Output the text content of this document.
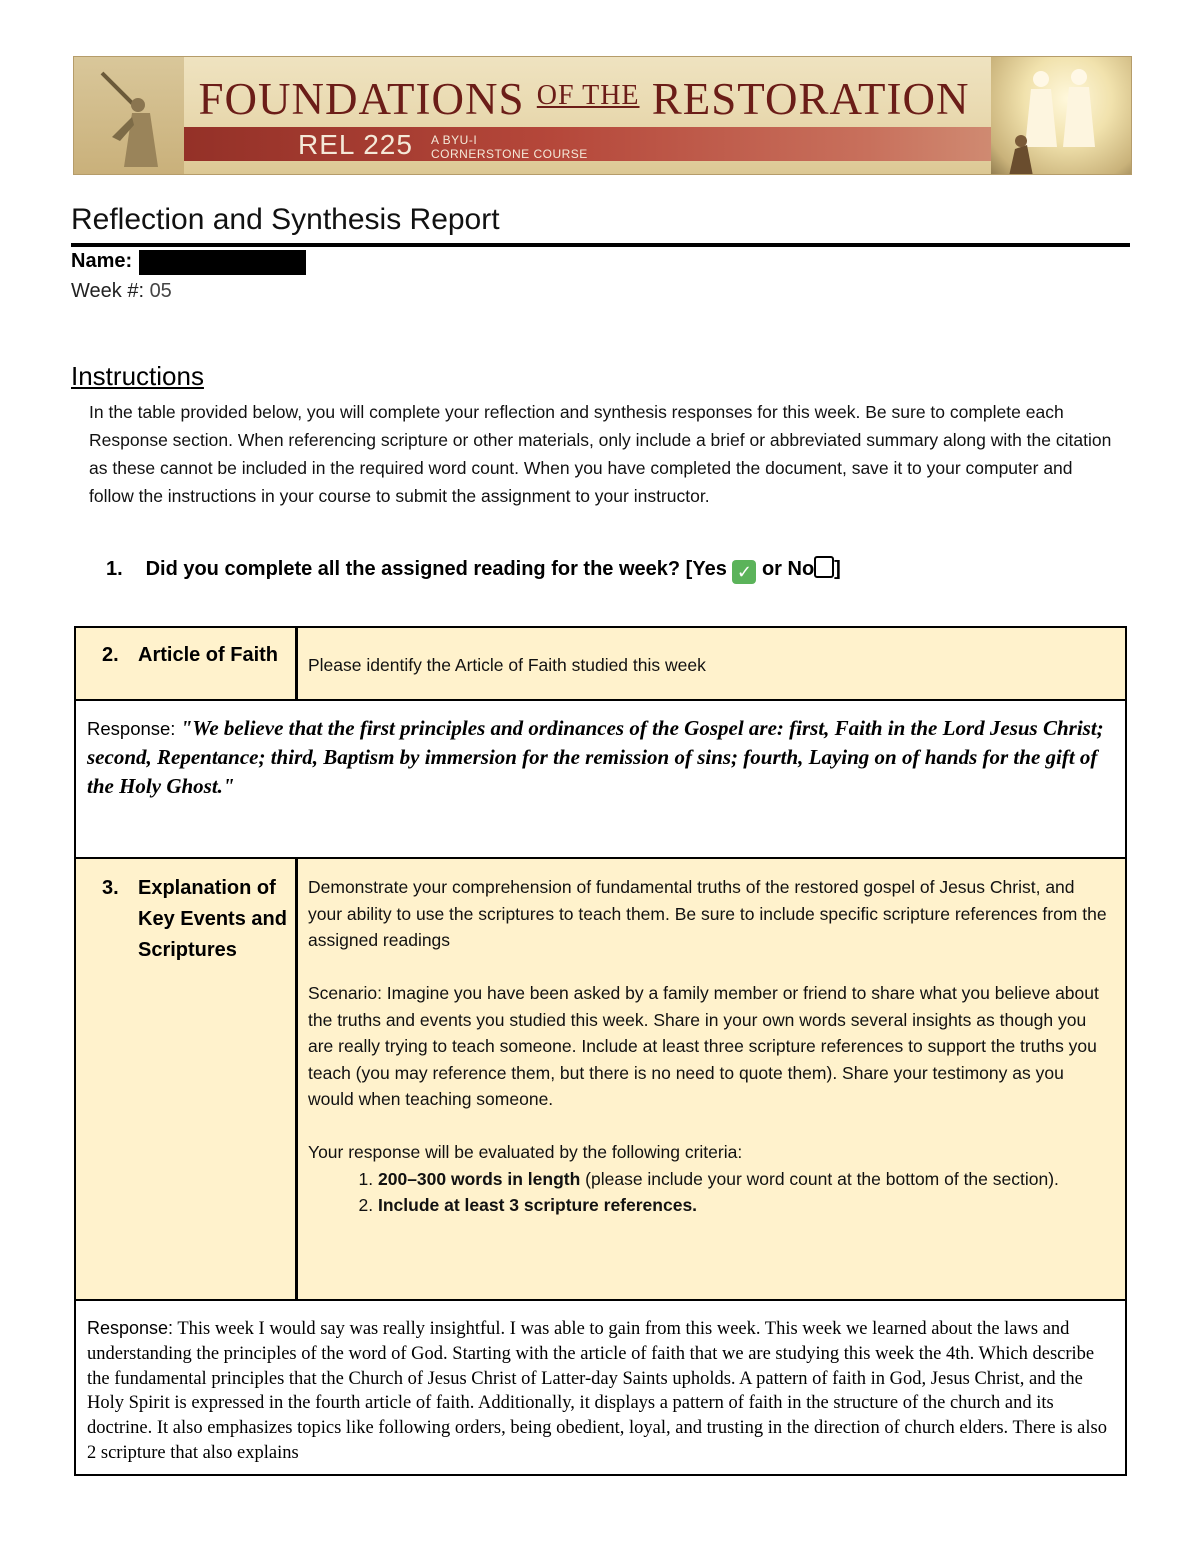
FOUNDATIONS $^{OF THE}$ RESTORATION
REL 225 A BYU-I
CORNERSTONE COURSE
Reflection and Synthesis Report
Name:
Week #: 05
Instructions
In the table provided below, you will complete your reflection and synthesis responses for this week. Be sure to complete each Response section. When referencing scripture or other materials, only include a brief or abbreviated summary along with the citation as these cannot be included in the required word count. When you have completed the document, save it to your computer and follow the instructions in your course to submit the assignment to your instructor.
1. Did you complete all the assigned reading for the week? [Yes ✓ or No ]
2. Article of Faith	Please identify the Article of Faith studied this week
Response: "We believe that the first principles and ordinances of the Gospel are: first, Faith in the Lord Jesus Christ; second, Repentance; third, Baptism by immersion for the remission of sins; fourth, Laying on of hands for the gift of the Holy Ghost."
3. Explanation of Key Events and Scriptures
Demonstrate your comprehension of fundamental truths of the restored gospel of Jesus Christ, and your ability to use the scriptures to teach them. Be sure to include specific scripture references from the assigned readings
Scenario: Imagine you have been asked by a family member or friend to share what you believe about the truths and events you studied this week. Share in your own words several insights as though you are really trying to teach someone. Include at least three scripture references to support the truths you teach (you may reference them, but there is no need to quote them). Share your testimony as you would when teaching someone.
Your response will be evaluated by the following criteria:
1. 200–300 words in length (please include your word count at the bottom of the section).
2. Include at least 3 scripture references.
Response: This week I would say was really insightful. I was able to gain from this week. This week we learned about the laws and understanding the principles of the word of God. Starting with the article of faith that we are studying this week the 4th. Which describe the fundamental principles that the Church of Jesus Christ of Latter-day Saints upholds. A pattern of faith in God, Jesus Christ, and the Holy Spirit is expressed in the fourth article of faith. Additionally, it displays a pattern of faith in the structure of the church and its doctrine. It also emphasizes topics like following orders, being obedient, loyal, and trusting in the direction of church elders. There is also 2 scripture that also explains
